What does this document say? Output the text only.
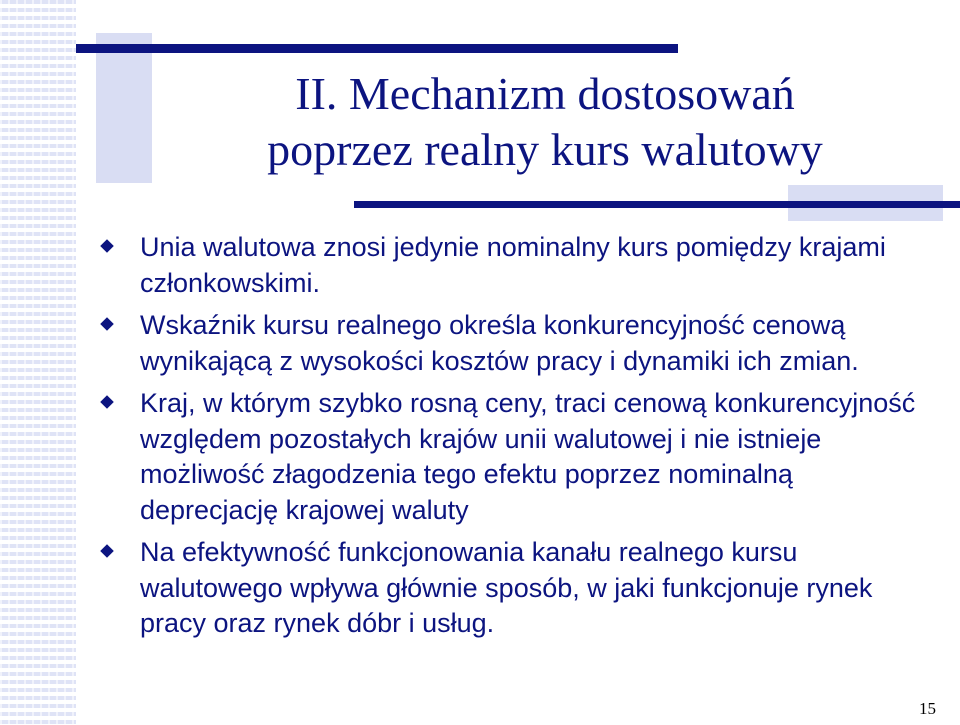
II. Mechanizm dostosowań
poprzez realny kurs walutowy
Unia walutowa znosi jedynie nominalny kurs pomiędzy krajami członkowskimi.
Wskaźnik kursu realnego określa konkurencyjność cenową wynikającą z wysokości kosztów pracy i dynamiki ich zmian.
Kraj, w którym szybko rosną ceny, traci cenową konkurencyjność względem pozostałych krajów unii walutowej i nie istnieje możliwość złagodzenia tego efektu poprzez nominalną deprecjację krajowej waluty
Na efektywność funkcjonowania kanału realnego kursu walutowego wpływa głównie sposób, w jaki funkcjonuje rynek pracy oraz rynek dóbr i usług.
15
